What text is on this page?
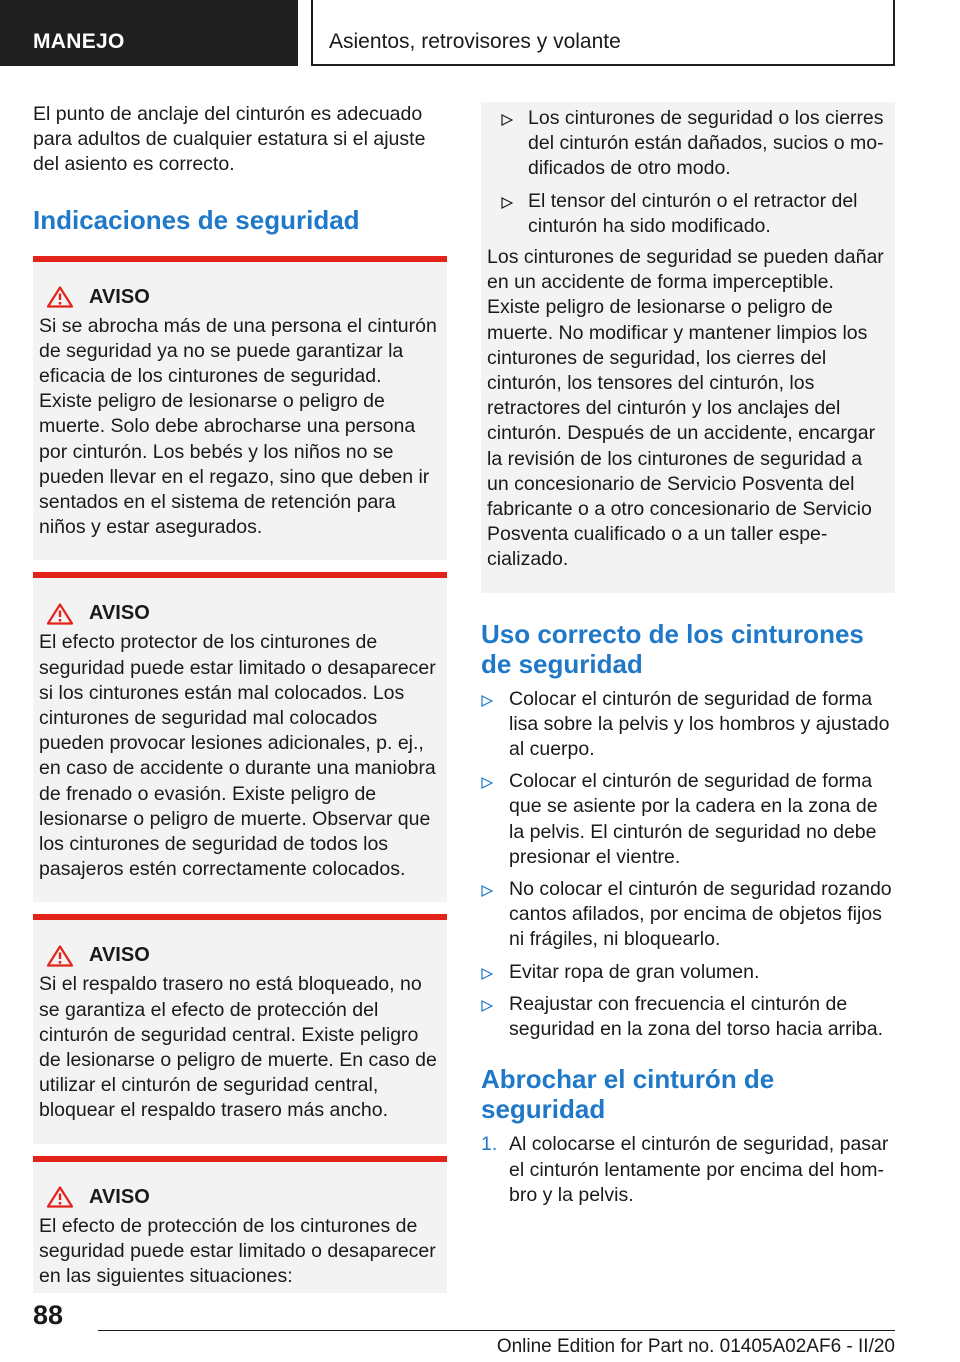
MANEJO	Asientos, retrovisores y volante

El punto de anclaje del cinturón es adecuado para adultos de cualquier estatura si el ajuste del asiento es correcto.

Indicaciones de seguridad
AVISO

Si se abrocha más de una persona el cinturón de seguridad ya no se puede garantizar la eficacia de los cinturones de seguridad. Existe peligro de lesionarse o peligro de muerte. Solo debe abrocharse una persona por cinturón. Los bebés y los niños no se pueden llevar en el regazo, sino que deben ir sentados en el sistema de retención para niños y estar asegurados.

AVISO

El efecto protector de los cinturones de seguridad puede estar limitado o desaparecer si los cinturones están mal colocados. Los cinturones de seguridad mal colocados pueden provocar lesiones adicionales, p. ej., en caso de accidente o durante una maniobra de frenado o evasión. Existe peligro de lesionarse o peligro de muerte. Observar que los cinturones de seguridad de todos los pasajeros estén correctamente colocados.

AVISO

Si el respaldo trasero no está bloqueado, no se garantiza el efecto de protección del cinturón de seguridad central. Existe peligro de lesionarse o peligro de muerte. En caso de utilizar el cinturón de seguridad central, bloquear el respaldo trasero más ancho.

AVISO

El efecto de protección de los cinturones de seguridad puede estar limitado o desaparecer en las siguientes situaciones:

Los cinturones de seguridad o los cierres del cinturón están dañados, sucios o modificados de otro modo.
El tensor del cinturón o el retractor del cinturón ha sido modificado.

Los cinturones de seguridad se pueden dañar en un accidente de forma imperceptible. Existe peligro de lesionarse o peligro de muerte. No modificar y mantener limpios los cinturones de seguridad, los cierres del cinturón, los tensores del cinturón, los retractores del cinturón y los anclajes del cinturón. Después de un accidente, encargar la revisión de los cinturones de seguridad a un concesionario de Servicio Posventa del fabricante o a otro concesionario de Servicio Posventa cualificado o a un taller especializado.

Uso correcto de los cinturones de seguridad
Colocar el cinturón de seguridad de forma lisa sobre la pelvis y los hombros y ajustado al cuerpo.
Colocar el cinturón de seguridad de forma que se asiente por la cadera en la zona de la pelvis. El cinturón de seguridad no debe presionar el vientre.
No colocar el cinturón de seguridad rozando cantos afilados, por encima de objetos fijos ni frágiles, ni bloquearlo.
Evitar ropa de gran volumen.
Reajustar con frecuencia el cinturón de seguridad en la zona del torso hacia arriba.
Abrochar el cinturón de seguridad
1. Al colocarse el cinturón de seguridad, pasar el cinturón lentamente por encima del hombro y la pelvis.
88
Online Edition for Part no. 01405A02AF6 - II/20
